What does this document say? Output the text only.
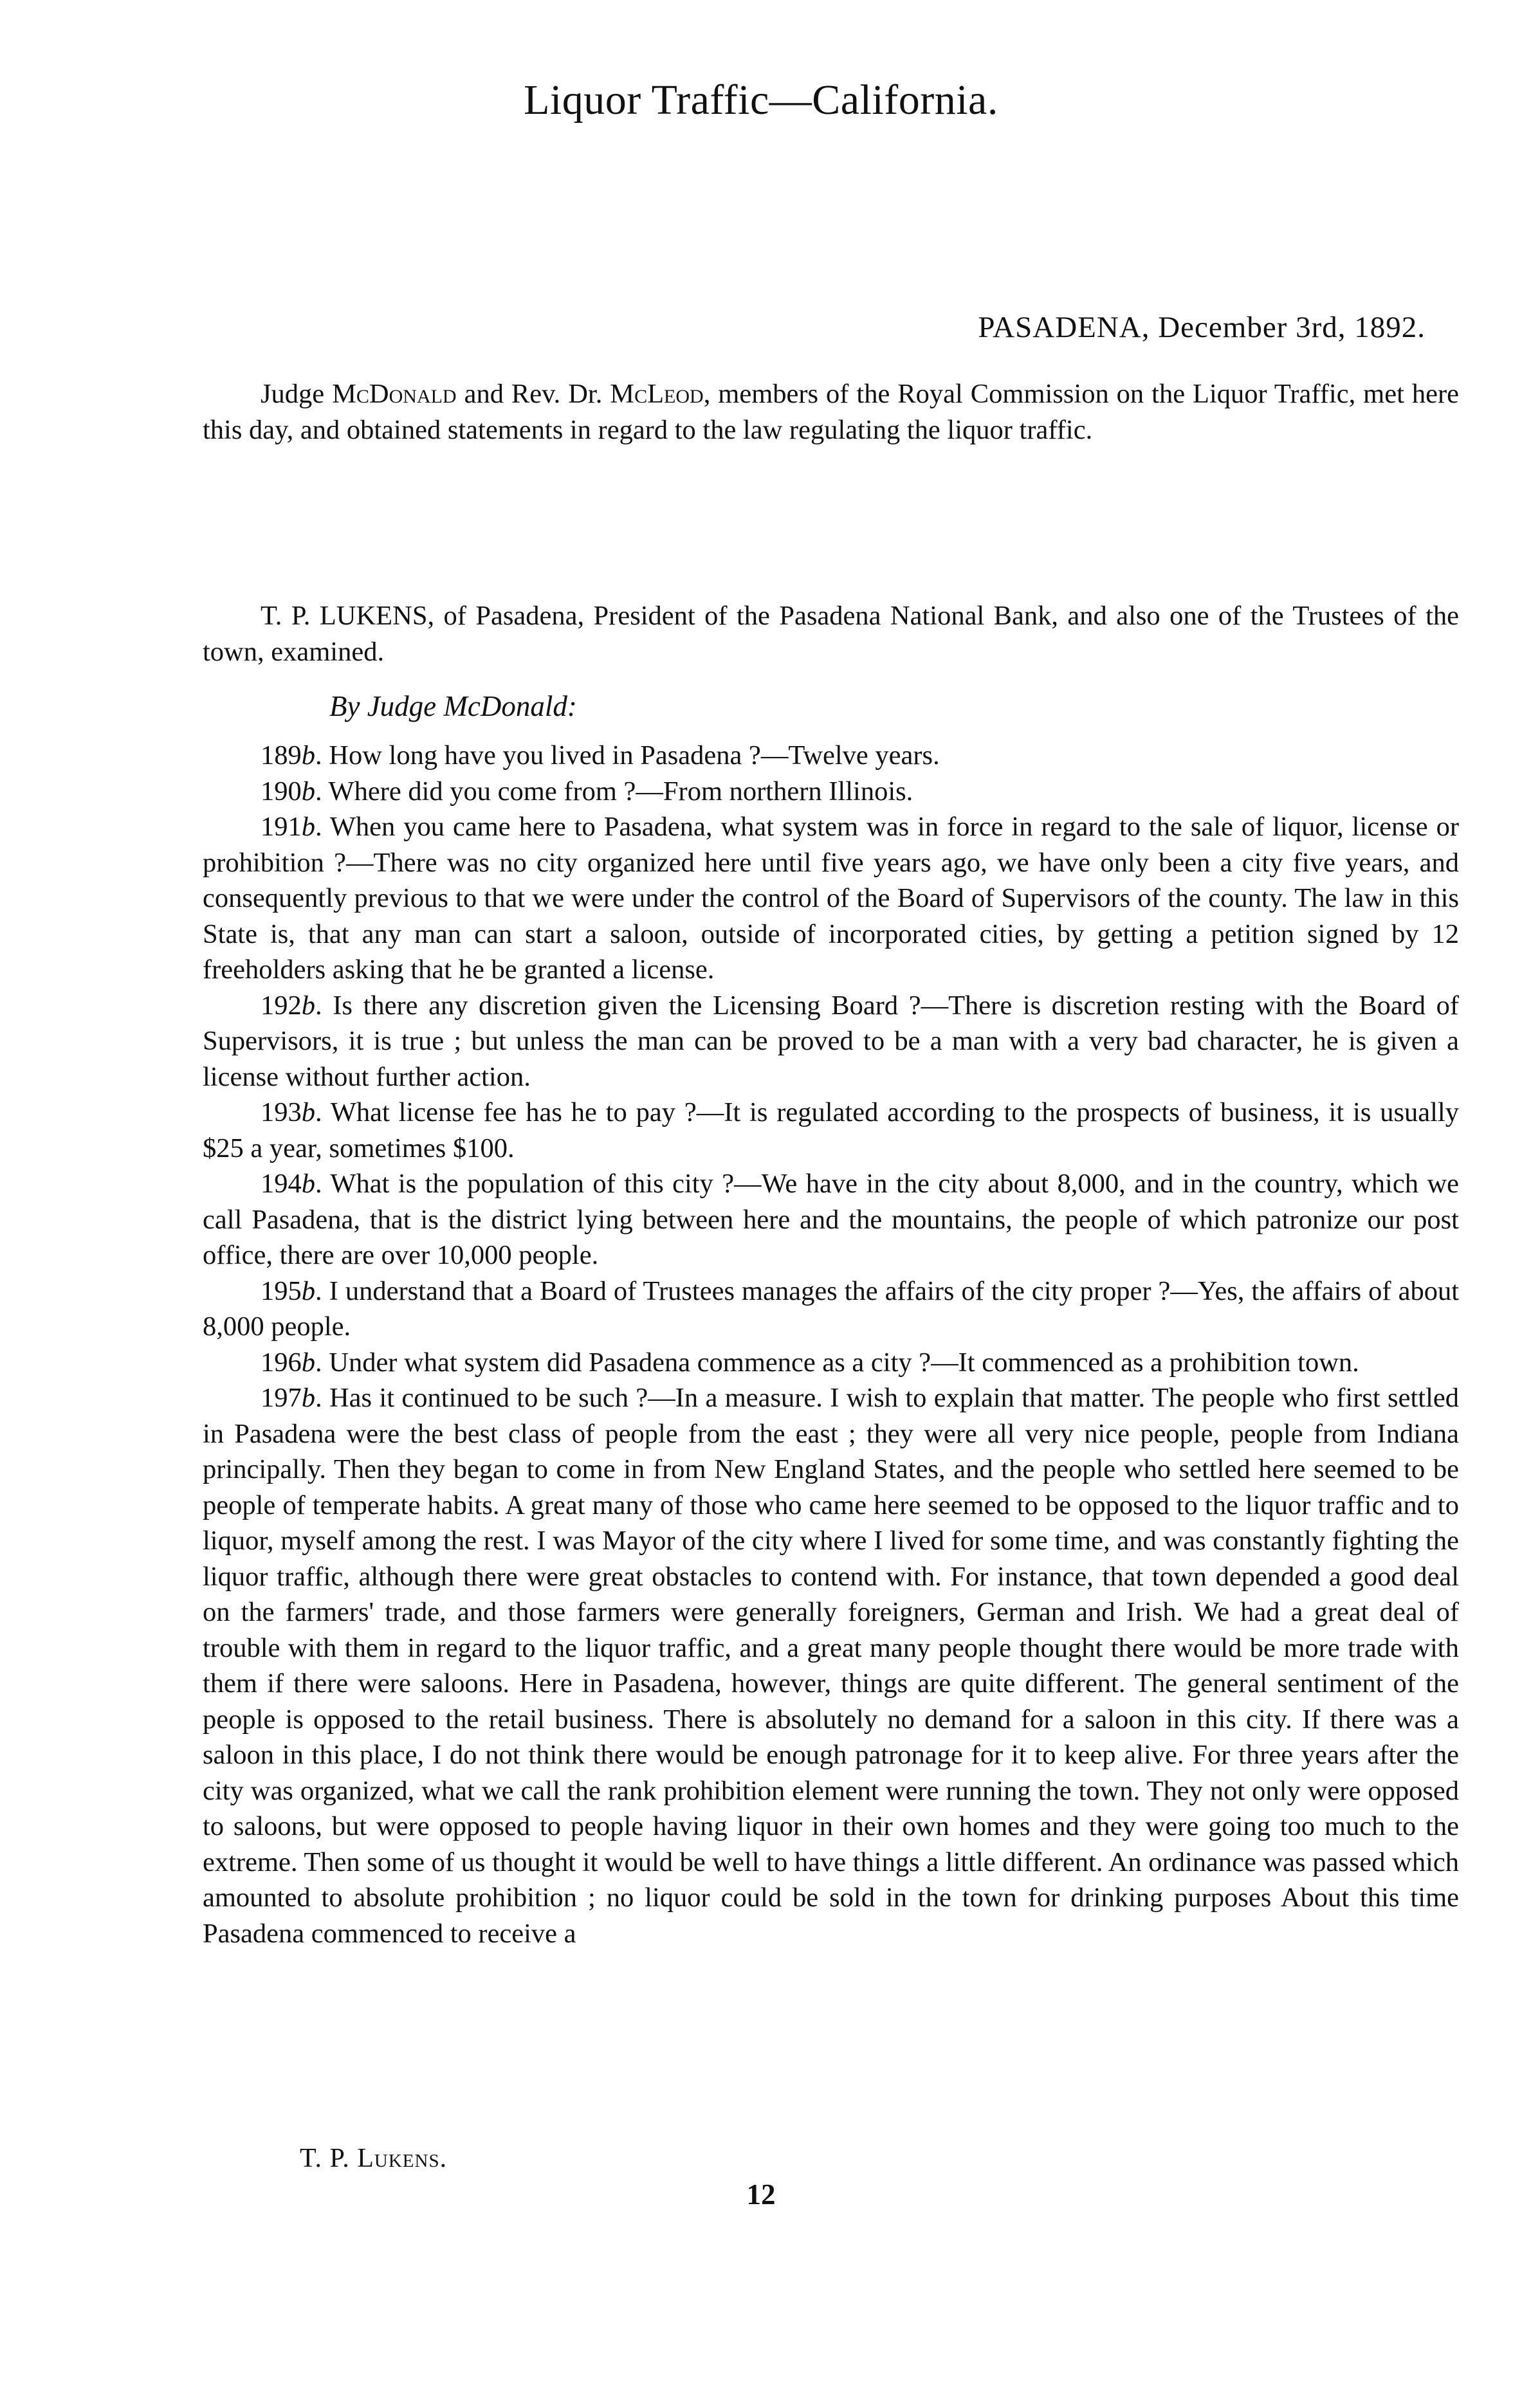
Liquor Traffic—California.
PASADENA, December 3rd, 1892.
Judge McDonald and Rev. Dr. McLeod, members of the Royal Commission on the Liquor Traffic, met here this day, and obtained statements in regard to the law regulating the liquor traffic.
T. P. LUKENS, of Pasadena, President of the Pasadena National Bank, and also one of the Trustees of the town, examined.
By Judge McDonald:

189b. How long have you lived in Pasadena ?—Twelve years.

190b. Where did you come from ?—From northern Illinois.

191b. When you came here to Pasadena, what system was in force in regard to the sale of liquor, license or prohibition ?—There was no city organized here until five years ago, we have only been a city five years, and consequently previous to that we were under the control of the Board of Supervisors of the county. The law in this State is, that any man can start a saloon, outside of incorporated cities, by getting a petition signed by 12 freeholders asking that he be granted a license.

192b. Is there any discretion given the Licensing Board ?—There is discretion resting with the Board of Supervisors, it is true ; but unless the man can be proved to be a man with a very bad character, he is given a license without further action.

193b. What license fee has he to pay ?—It is regulated according to the prospects of business, it is usually $25 a year, sometimes $100.

194b. What is the population of this city ?—We have in the city about 8,000, and in the country, which we call Pasadena, that is the district lying between here and the mountains, the people of which patronize our post office, there are over 10,000 people.

195b. I understand that a Board of Trustees manages the affairs of the city proper ?—Yes, the affairs of about 8,000 people.

196b. Under what system did Pasadena commence as a city ?—It commenced as a prohibition town.

197b. Has it continued to be such ?—In a measure. I wish to explain that matter. The people who first settled in Pasadena were the best class of people from the east ; they were all very nice people, people from Indiana principally. Then they began to come in from New England States, and the people who settled here seemed to be people of temperate habits. A great many of those who came here seemed to be opposed to the liquor traffic and to liquor, myself among the rest. I was Mayor of the city where I lived for some time, and was constantly fighting the liquor traffic, although there were great obstacles to contend with. For instance, that town depended a good deal on the farmers' trade, and those farmers were generally foreigners, German and Irish. We had a great deal of trouble with them in regard to the liquor traffic, and a great many people thought there would be more trade with them if there were saloons. Here in Pasadena, however, things are quite different. The general sentiment of the people is opposed to the retail business. There is absolutely no demand for a saloon in this city. If there was a saloon in this place, I do not think there would be enough patronage for it to keep alive. For three years after the city was organized, what we call the rank prohibition element were running the town. They not only were opposed to saloons, but were opposed to people having liquor in their own homes and they were going too much to the extreme. Then some of us thought it would be well to have things a little different. An ordinance was passed which amounted to absolute prohibition ; no liquor could be sold in the town for drinking purposes About this time Pasadena commenced to receive a

T. P. Lukens.
12
